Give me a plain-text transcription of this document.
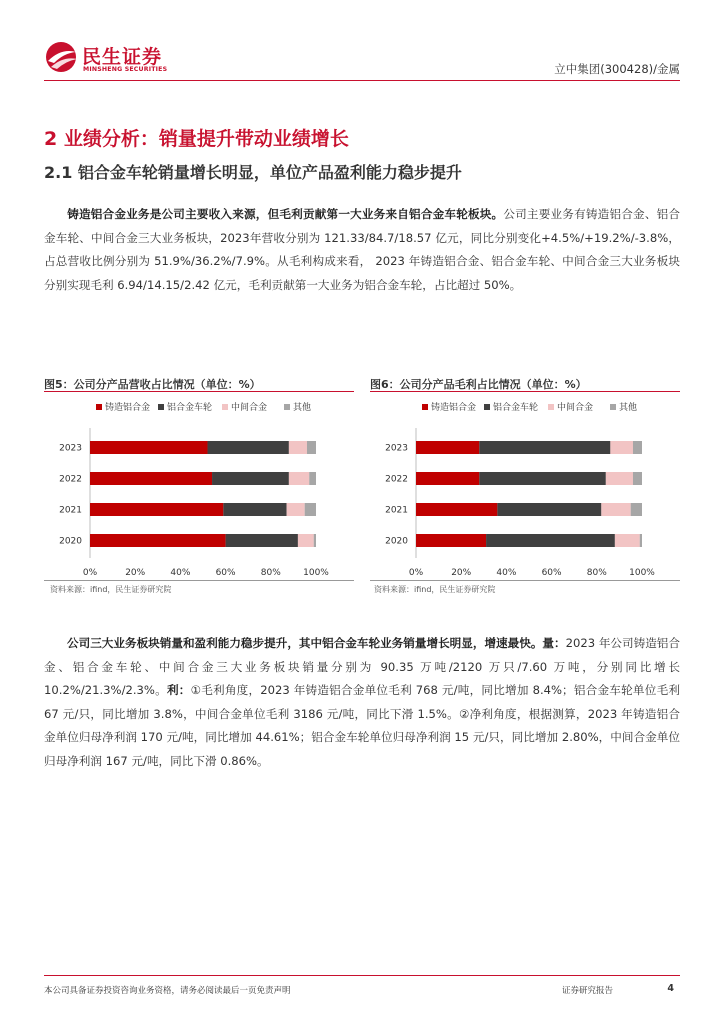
民生证券
MINSHENG SECURITIES	立中集团(300428)/金属
2 业绩分析：销量提升带动业绩增长
2.1 铝合金车轮销量增长明显，单位产品盈利能力稳步提升
铸造铝合金业务是公司主要收入来源，但毛利贡献第一大业务来自铝合金车轮板块。公司主要业务有铸造铝合金、铝合金车轮、中间合金三大业务板块，2023年营收分别为 121.33/84.7/18.57 亿元，同比分别变化+4.5%/+19.2%/-3.8%，占总营收比例分别为 51.9%/36.2%/7.9%。从毛利构成来看， 2023 年铸造铝合金、铝合金车轮、中间合金三大业务板块分别实现毛利 6.94/14.15/2.42 亿元，毛利贡献第一大业务为铝合金车轮，占比超过 50%。
图5：公司分产品营收占比情况（单位：%）
铸造铝合金 铝合金车轮 中间合金	其他
2023
2022
2021
2020
0%	20%	40%	60%	80% 100%
资料来源：ifind，民生证券研究院
图6：公司分产品毛利占比情况（单位：%）
铸造铝合金 铝合金车轮 中间合金	其他
2023
2022
2021
2020
0%	20%	40%	60%	80% 100%
资料来源：ifind，民生证券研究院
公司三大业务板块销量和盈利能力稳步提升，其中铝合金车轮业务销量增长明显，增速最快。量：2023 年公司铸造铝合金、铝合金车轮、中间合金三大业务板块销量分别为 90.35 万吨/2120 万只/7.60 万吨，分别同比增长 10.2%/21.3%/2.3%。利：①毛利角度，2023 年铸造铝合金单位毛利 768 元/吨，同比增加 8.4%；铝合金车轮单位毛利 67 元/只，同比增加 3.8%，中间合金单位毛利 3186 元/吨，同比下滑 1.5%。②净利角度，根据测算，2023 年铸造铝合金单位归母净利润 170 元/吨，同比增加 44.61%；铝合金车轮单位归母净利润 15 元/只，同比增加 2.80%，中间合金单位归母净利润 167 元/吨，同比下滑 0.86%。
本公司具备证券投资咨询业务资格，请务必阅读最后一页免责声明	证券研究报告	4
